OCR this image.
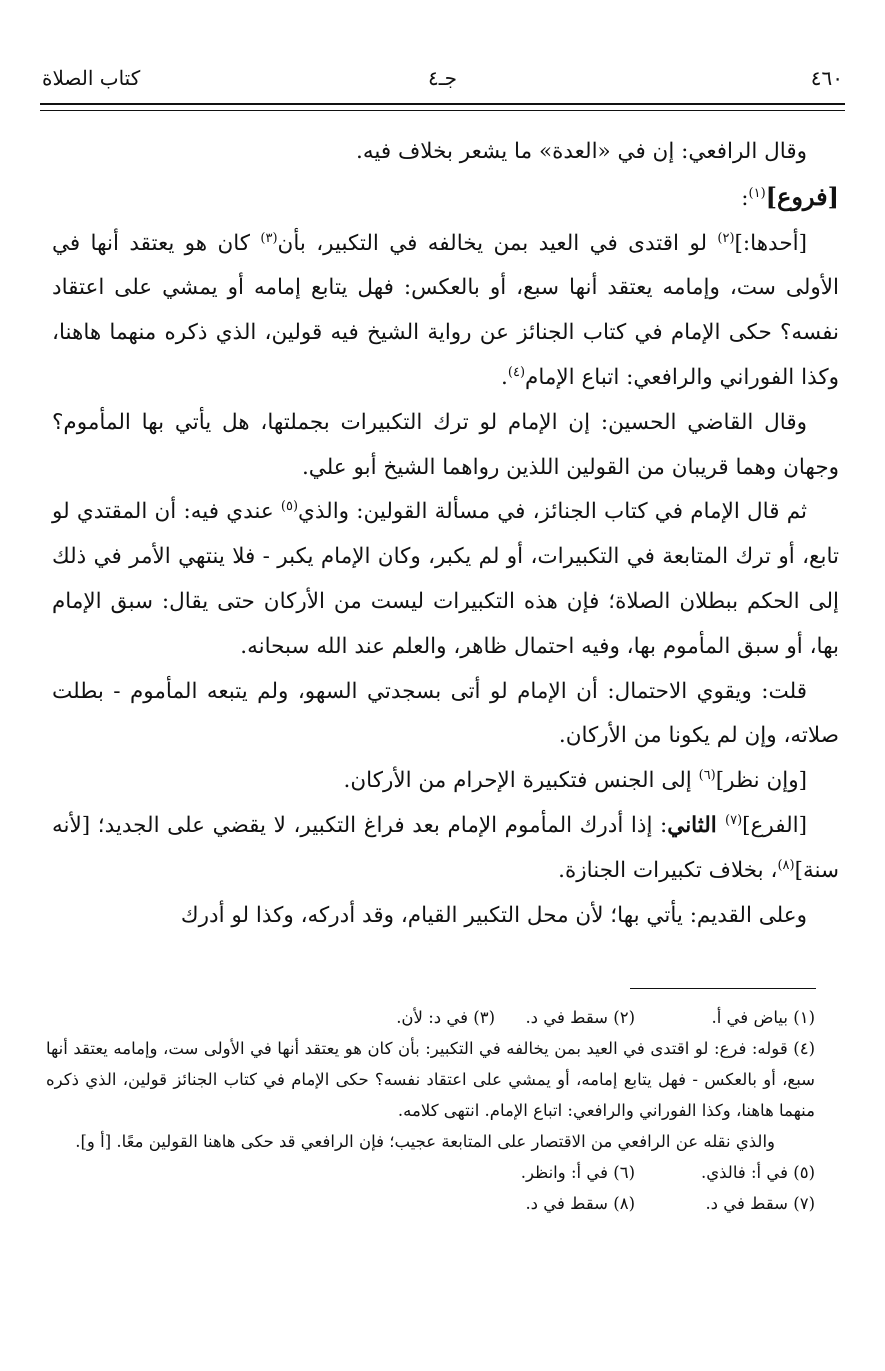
٤٦٠
جـ٤
كتاب الصلاة

وقال الرافعي: إن في «العدة» ما يشعر بخلاف فيه.

[فروع]$^{(١)}$:

[أحدها:]$^{(٢)}$ لو اقتدى في العيد بمن يخالفه في التكبير، بأن$^{(٣)}$ كان هو يعتقد أنها في الأولى ست، وإمامه يعتقد أنها سبع، أو بالعكس: فهل يتابع إمامه أو يمشي على اعتقاد نفسه؟ حكى الإمام في كتاب الجنائز عن رواية الشيخ فيه قولين، الذي ذكره منهما هاهنا، وكذا الفوراني والرافعي: اتباع الإمام$^{(٤)}$.

وقال القاضي الحسين: إن الإمام لو ترك التكبيرات بجملتها، هل يأتي بها المأموم؟ وجهان وهما قريبان من القولين اللذين رواهما الشيخ أبو علي.

ثم قال الإمام في كتاب الجنائز، في مسألة القولين: والذي$^{(٥)}$ عندي فيه: أن المقتدي لو تابع، أو ترك المتابعة في التكبيرات، أو لم يكبر، وكان الإمام يكبر - فلا ينتهي الأمر في ذلك إلى الحكم ببطلان الصلاة؛ فإن هذه التكبيرات ليست من الأركان حتى يقال: سبق الإمام بها، أو سبق المأموم بها، وفيه احتمال ظاهر، والعلم عند الله سبحانه.

قلت: ويقوي الاحتمال: أن الإمام لو أتى بسجدتي السهو، ولم يتبعه المأموم - بطلت صلاته، وإن لم يكونا من الأركان.

[وإن نظر]$^{(٦)}$ إلى الجنس فتكبيرة الإحرام من الأركان.

[الفرع]$^{(٧)}$ الثاني: إذا أدرك المأموم الإمام بعد فراغ التكبير، لا يقضي على الجديد؛ [لأنه سنة]$^{(٨)}$، بخلاف تكبيرات الجنازة.

وعلى القديم: يأتي بها؛ لأن محل التكبير القيام، وقد أدركه، وكذا لو أدرك

(١) بياض في أ.
(٢) سقط في د.
(٣) في د: لأن.

(٤) قوله: فرع: لو اقتدى في العيد بمن يخالفه في التكبير: بأن كان هو يعتقد أنها في الأولى ست، وإمامه يعتقد أنها سبع، أو بالعكس - فهل يتابع إمامه، أو يمشي على اعتقاد نفسه؟ حكى الإمام في كتاب الجنائز قولين، الذي ذكره منهما هاهنا، وكذا الفوراني والرافعي: اتباع الإمام. انتهى كلامه.

والذي نقله عن الرافعي من الاقتصار على المتابعة عجيب؛ فإن الرافعي قد حكى هاهنا القولين معًا. [أ و].

(٥) في أ: فالذي.
(٦) في أ: وانظر.
(٧) سقط في د.
(٨) سقط في د.
